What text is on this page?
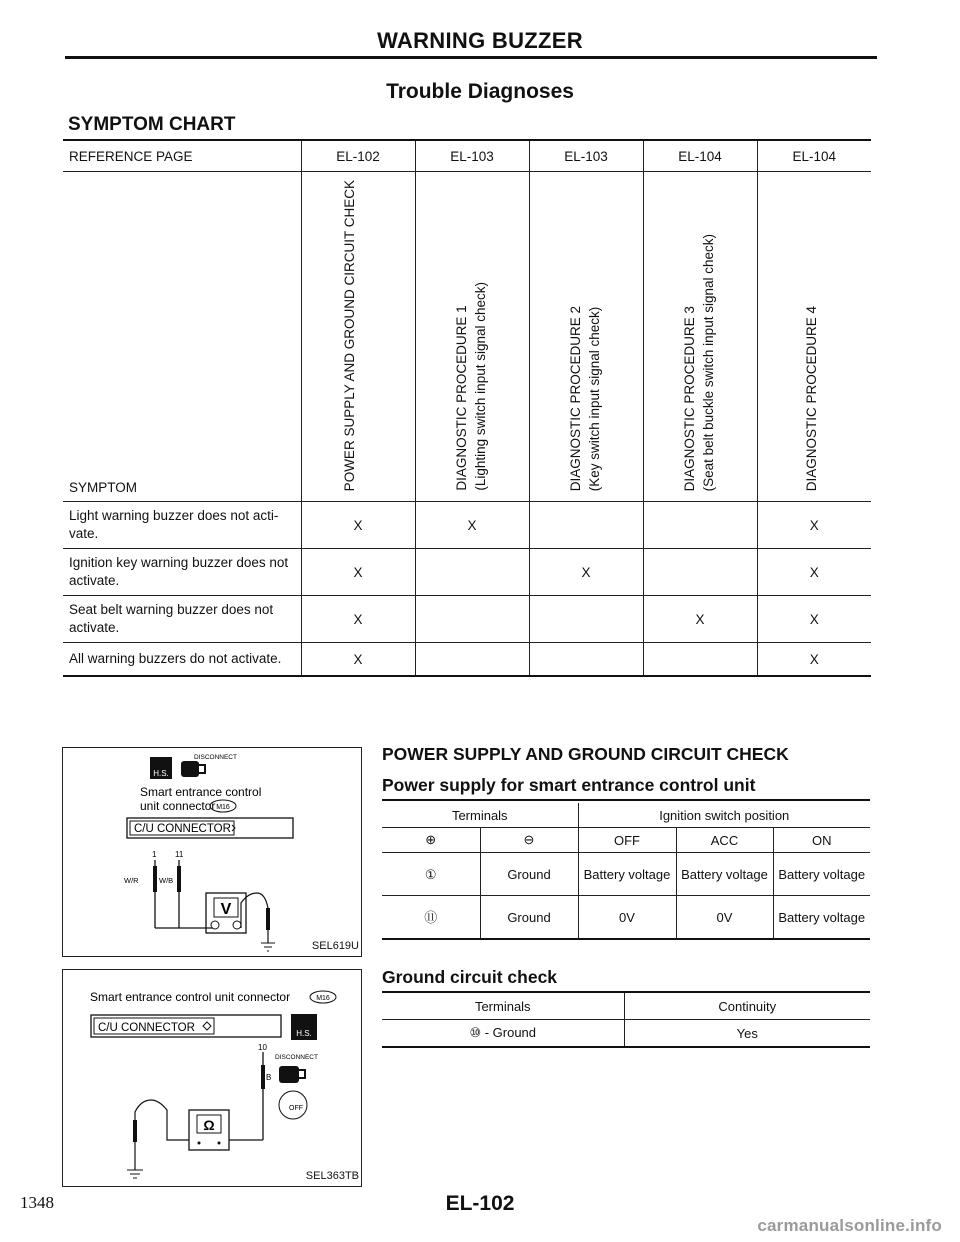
WARNING BUZZER
Trouble Diagnoses
SYMPTOM CHART
REFERENCE PAGE	EL-102	EL-103	EL-103	EL-104	EL-104
SYMPTOM	POWER SUPPLY AND GROUND CIRCUIT CHECK	DIAGNOSTIC PROCEDURE 1 (Lighting switch input signal check)	DIAGNOSTIC PROCEDURE 2 (Key switch input signal check)	DIAGNOSTIC PROCEDURE 3 (Seat belt buckle switch input signal check)	DIAGNOSTIC PROCEDURE 4

Light warning buzzer does not acti-vate.	X	X			X
Ignition key warning buzzer does not activate.	X		X		X
Seat belt warning buzzer does not activate.	X			X	X
All warning buzzers do not activate.	X				X
H.S.
DISCONNECT
Smart entrance control
unit connector M16
C/U CONNECTOR
1 11
W/R	W/B
V
SEL619U
Smart entrance control unit connector	M16
C/U CONNECTOR	H.S.
10
DISCONNECT
B
OFF
Ω
SEL363TB
POWER SUPPLY AND GROUND CIRCUIT CHECK
Power supply for smart entrance control unit
Terminals		Ignition switch position		
⊕	⊖	OFF	ACC	ON
①	Ground	Battery voltage	Battery voltage	Battery voltage
⑪	Ground	0V	0V	Battery voltage
Ground circuit check
Terminals	Continuity
⑩ - Ground	Yes
1348	EL-102
carmanualsonline.info
